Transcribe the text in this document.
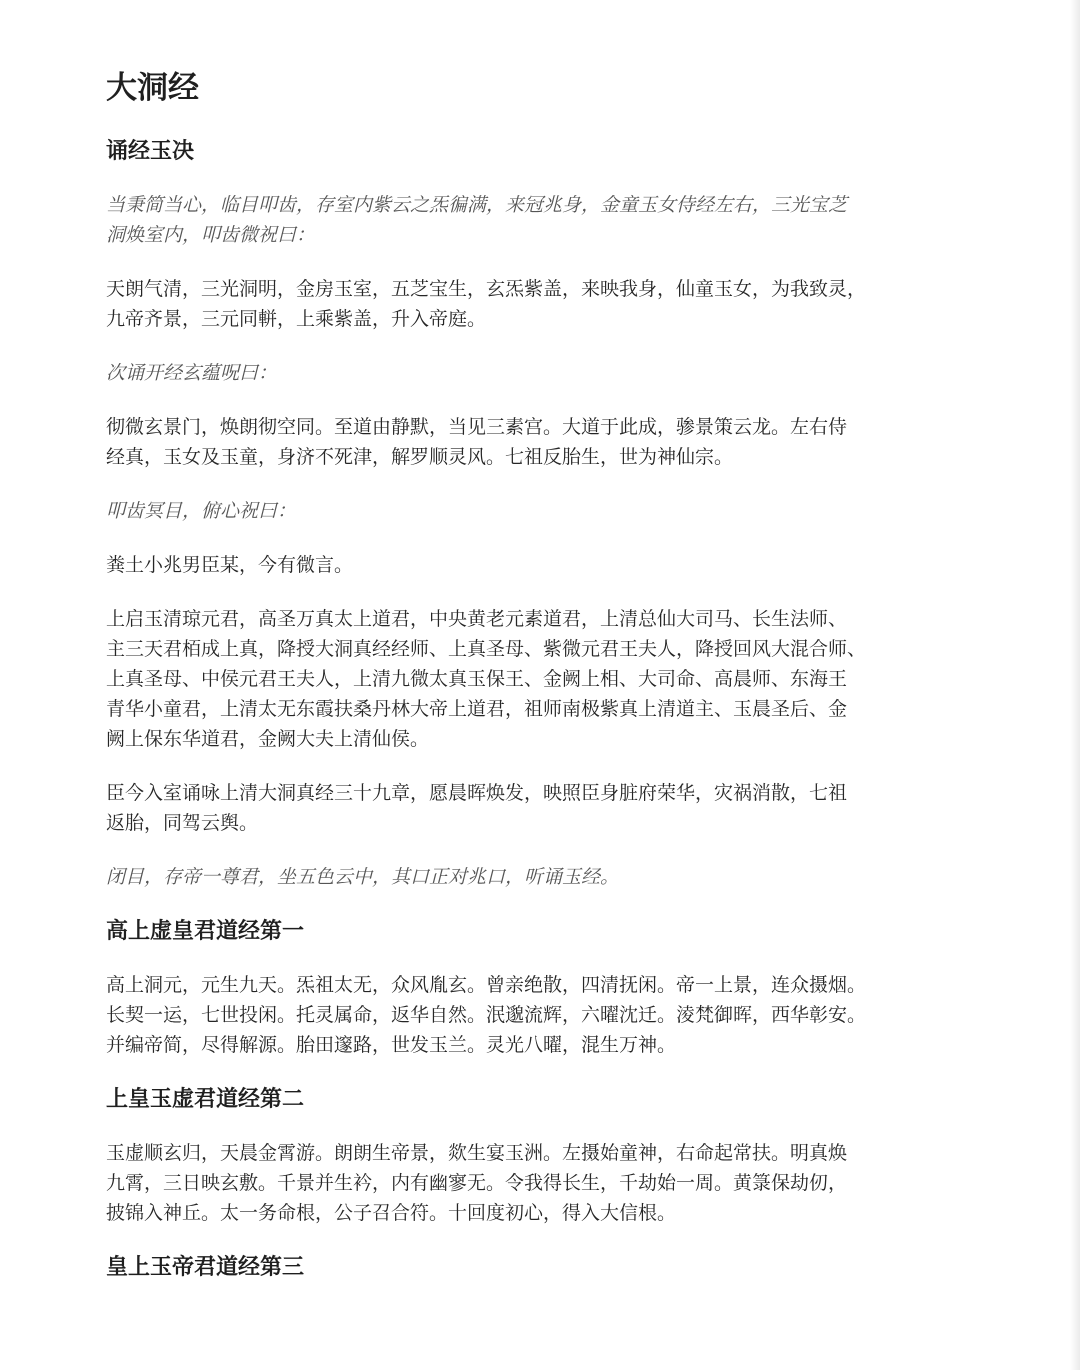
大洞经
诵经玉决

当秉简当心，临目叩齿，存室内紫云之炁徧满，来冠兆身，金童玉女侍经左右，三光宝芝
洞焕室内，叩齿微祝曰：

天朗气清，三光洞明，金房玉室，五芝宝生，玄炁紫盖，来映我身，仙童玉女，为我致灵，
九帝齐景，三元同軿，上乘紫盖，升入帝庭。

次诵开经玄蕴呪曰：

彻微玄景门，焕朗彻空同。至道由静默，当见三素宫。大道于此成，骖景策云龙。左右侍
经真，玉女及玉童，身济不死津，解罗顺灵风。七祖反胎生，世为神仙宗。

叩齿冥目，俯心祝曰：

粪土小兆男臣某，今有微言。

上启玉清琼元君，高圣万真太上道君，中央黄老元素道君，上清总仙大司马、长生法师、
主三天君栢成上真，降授大洞真经经师、上真圣母、紫微元君王夫人，降授回风大混合师、
上真圣母、中侯元君王夫人，上清九微太真玉保王、金阙上相、大司命、高晨师、东海王
青华小童君，上清太无东霞扶桑丹林大帝上道君，祖师南极紫真上清道主、玉晨圣后、金
阙上保东华道君，金阙大夫上清仙侯。

臣今入室诵咏上清大洞真经三十九章，愿晨晖焕发，映照臣身脏府荣华，灾祸消散，七祖
返胎，同驾云舆。

闭目，存帝一尊君，坐五色云中，其口正对兆口，听诵玉经。

高上虚皇君道经第一

高上洞元，元生九天。炁祖太无，众风胤玄。曾亲绝散，四清抚闲。帝一上景，连众摄烟。
长契一运，七世投闲。托灵属命，返华自然。泯邈流辉，六曜沈迁。淩梵御晖，西华彰安。
并编帝简，尽得解源。胎田邃路，世发玉兰。灵光八曜，混生万神。

上皇玉虚君道经第二

玉虚顺玄归，天晨金霄游。朗朗生帝景，欻生宴玉洲。左摄始童神，右命起常扶。明真焕
九霄，三日映玄敷。千景并生衿，内有幽寥无。令我得长生，千劫始一周。黄箓保劫仞，
披锦入神丘。太一务命根，公子召合符。十回度初心，得入大信根。

皇上玉帝君道经第三
